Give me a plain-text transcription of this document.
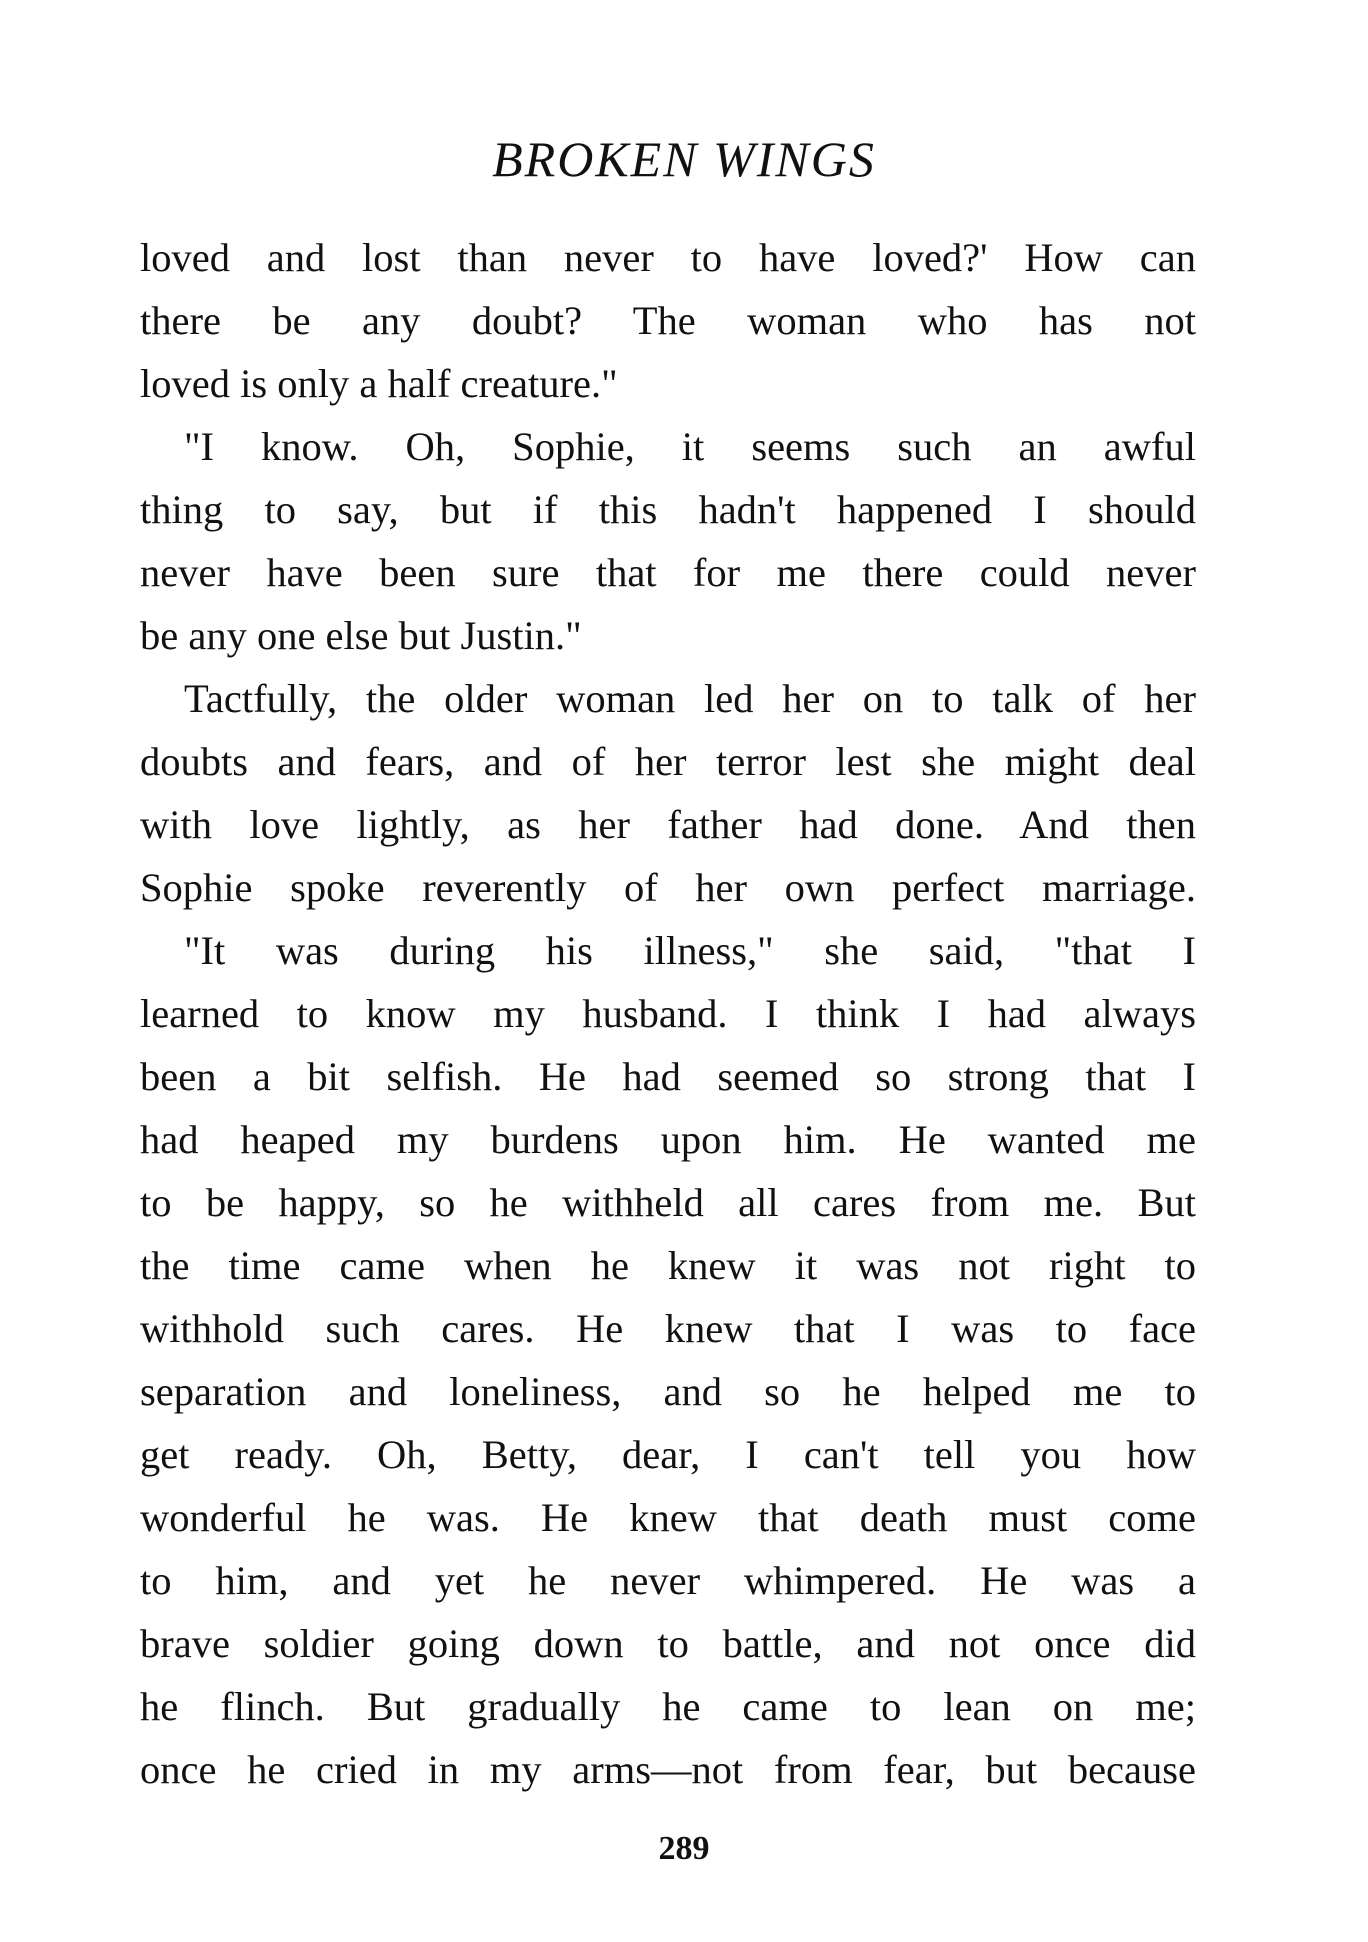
BROKEN WINGS
loved and lost than never to have loved?' How can
there be any doubt? The woman who has not
loved is only a half creature."
"I know. Oh, Sophie, it seems such an awful
thing to say, but if this hadn't happened I should
never have been sure that for me there could never
be any one else but Justin."
Tactfully, the older woman led her on to talk of her
doubts and fears, and of her terror lest she might deal
with love lightly, as her father had done. And then
Sophie spoke reverently of her own perfect marriage.
"It was during his illness," she said, "that I
learned to know my husband. I think I had always
been a bit selfish. He had seemed so strong that I
had heaped my burdens upon him. He wanted me
to be happy, so he withheld all cares from me. But
the time came when he knew it was not right to
withhold such cares. He knew that I was to face
separation and loneliness, and so he helped me to
get ready. Oh, Betty, dear, I can't tell you how
wonderful he was. He knew that death must come
to him, and yet he never whimpered. He was a
brave soldier going down to battle, and not once did
he flinch. But gradually he came to lean on me;
once he cried in my arms—not from fear, but because
289
